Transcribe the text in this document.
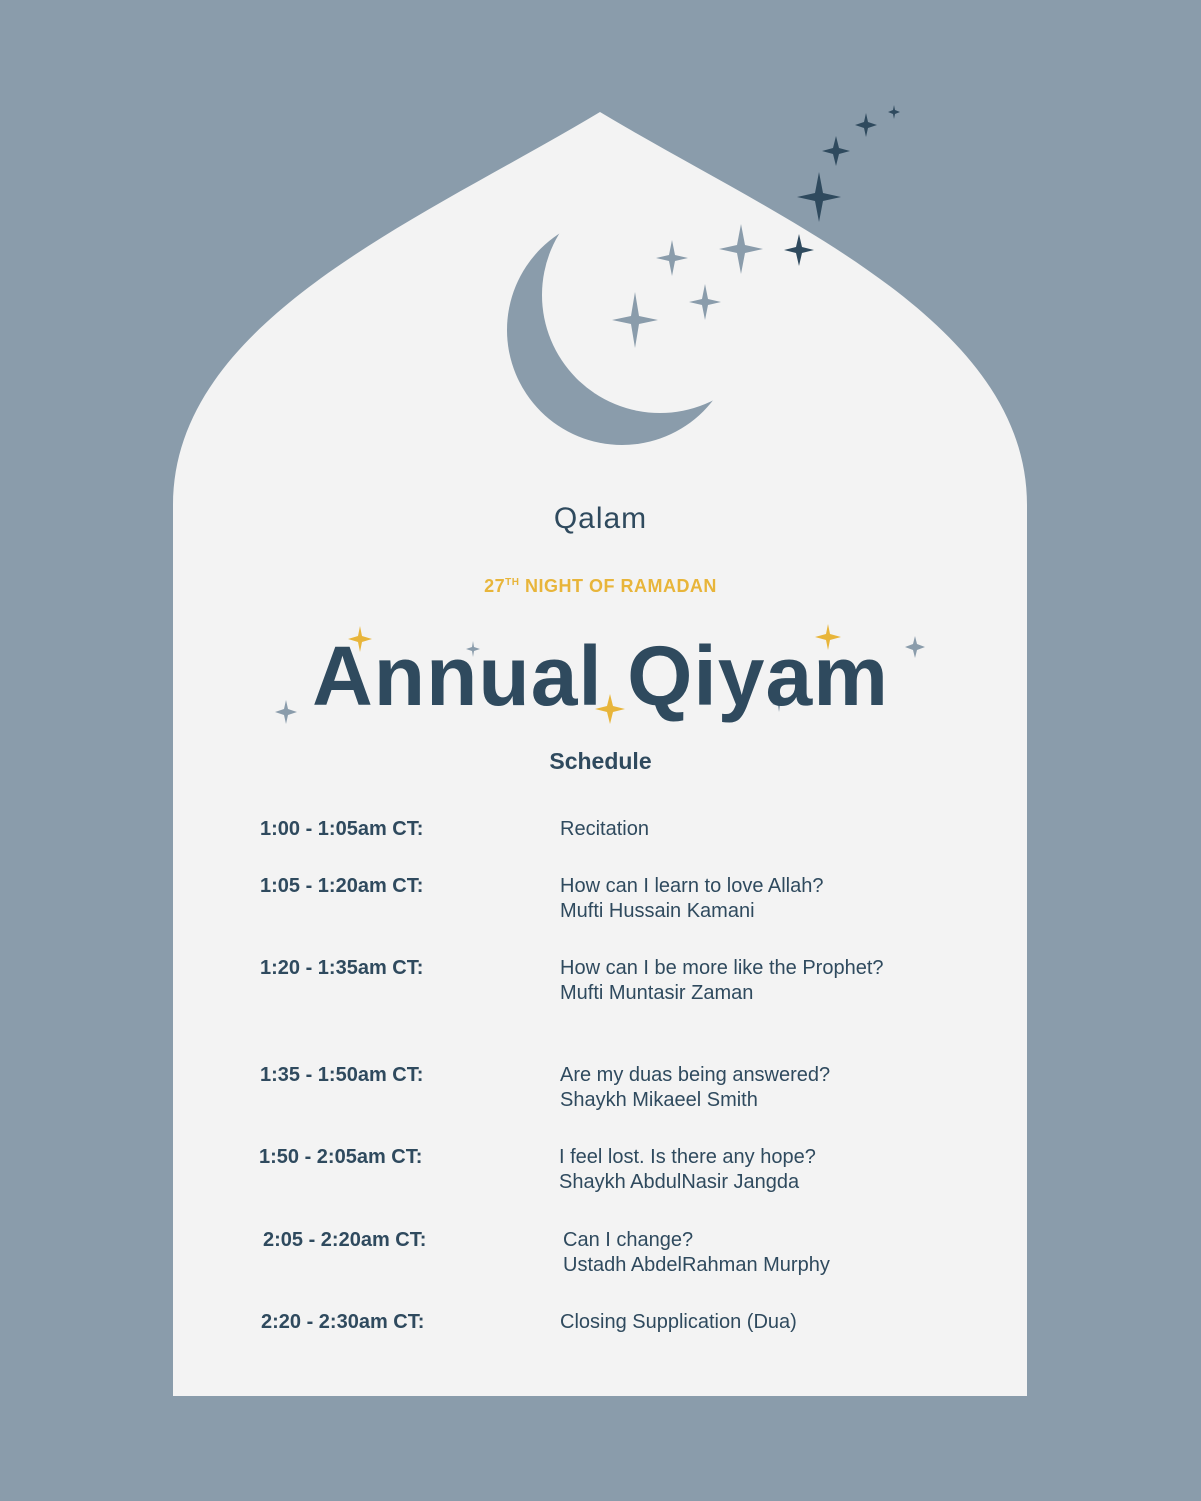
Qalam
27TH NIGHT OF RAMADAN
Annual Qiyam
Schedule
1:00 - 1:05am CT:	Recitation
1:05 - 1:20am CT:	How can I learn to love Allah?
Mufti Hussain Kamani
1:20 - 1:35am CT:	How can I be more like the Prophet?
Mufti Muntasir Zaman
1:35 - 1:50am CT:	Are my duas being answered?
Shaykh Mikaeel Smith
1:50 - 2:05am CT:	I feel lost. Is there any hope?
Shaykh AbdulNasir Jangda
2:05 - 2:20am CT:	Can I change?
Ustadh AbdelRahman Murphy
2:20 - 2:30am CT:	Closing Supplication (Dua)
